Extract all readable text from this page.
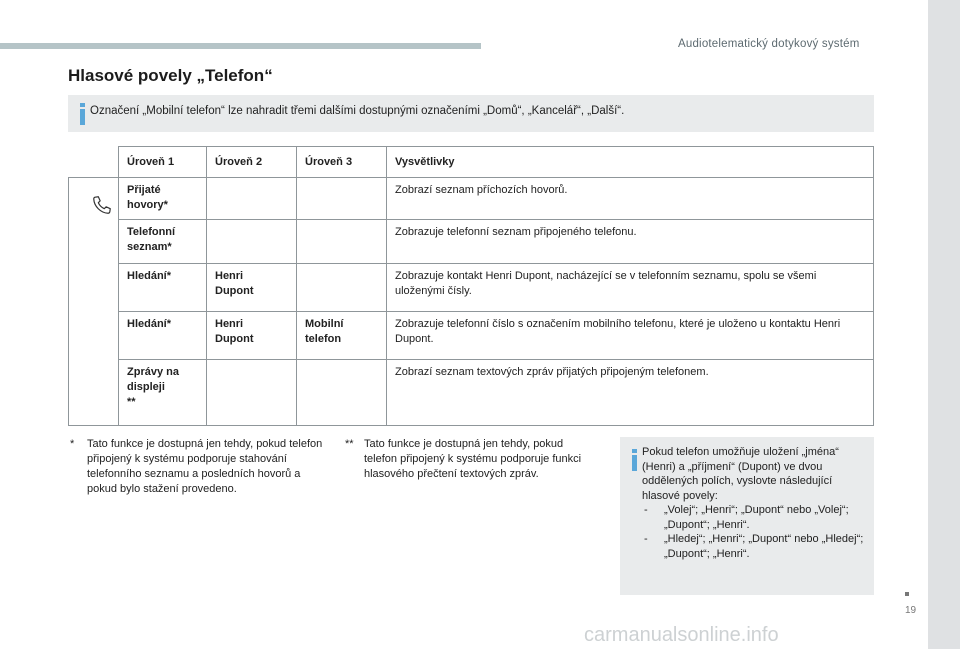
Audiotelematický dotykový systém
Hlasové povely „Telefon“
Označení „Mobilní telefon“ lze nahradit třemi dalšími dostupnými označeními „Domů“, „Kancelář“, „Další“.
	Úroveň 1	Úroveň 2	Úroveň 3	Vysvětlivky

	Přijaté
hovory*			Zobrazí seznam příchozích hovorů.
	Telefonní
seznam*			Zobrazuje telefonní seznam připojeného telefonu.
	Hledání*	Henri
Dupont		Zobrazuje kontakt Henri Dupont, nacházející se v telefonním seznamu, spolu se všemi uloženými čísly.
	Hledání*	Henri
Dupont	Mobilní
telefon	Zobrazuje telefonní číslo s označením mobilního telefonu, které je uloženo u kontaktu Henri Dupont.
	Zprávy na
displeji
**			Zobrazí seznam textových zpráv přijatých připojeným telefonem.
* Tato funkce je dostupná jen tehdy, pokud telefon připojený k systému podporuje stahování telefonního seznamu a posledních hovorů a pokud bylo stažení provedeno.
** Tato funkce je dostupná jen tehdy, pokud telefon připojený k systému podporuje funkci hlasového přečtení textových zpráv.

Pokud telefon umožňuje uložení „jména“ (Henri) a „příjmení“ (Dupont) ve dvou oddělených polích, vyslovte následující hlasové povely:

- „Volej“; „Henri“; „Dupont“ nebo „Volej“; „Dupont“; „Henri“.
- „Hledej“; „Henri“; „Dupont“ nebo „Hledej“; „Dupont“; „Henri“.
19
carmanualsonline.info
